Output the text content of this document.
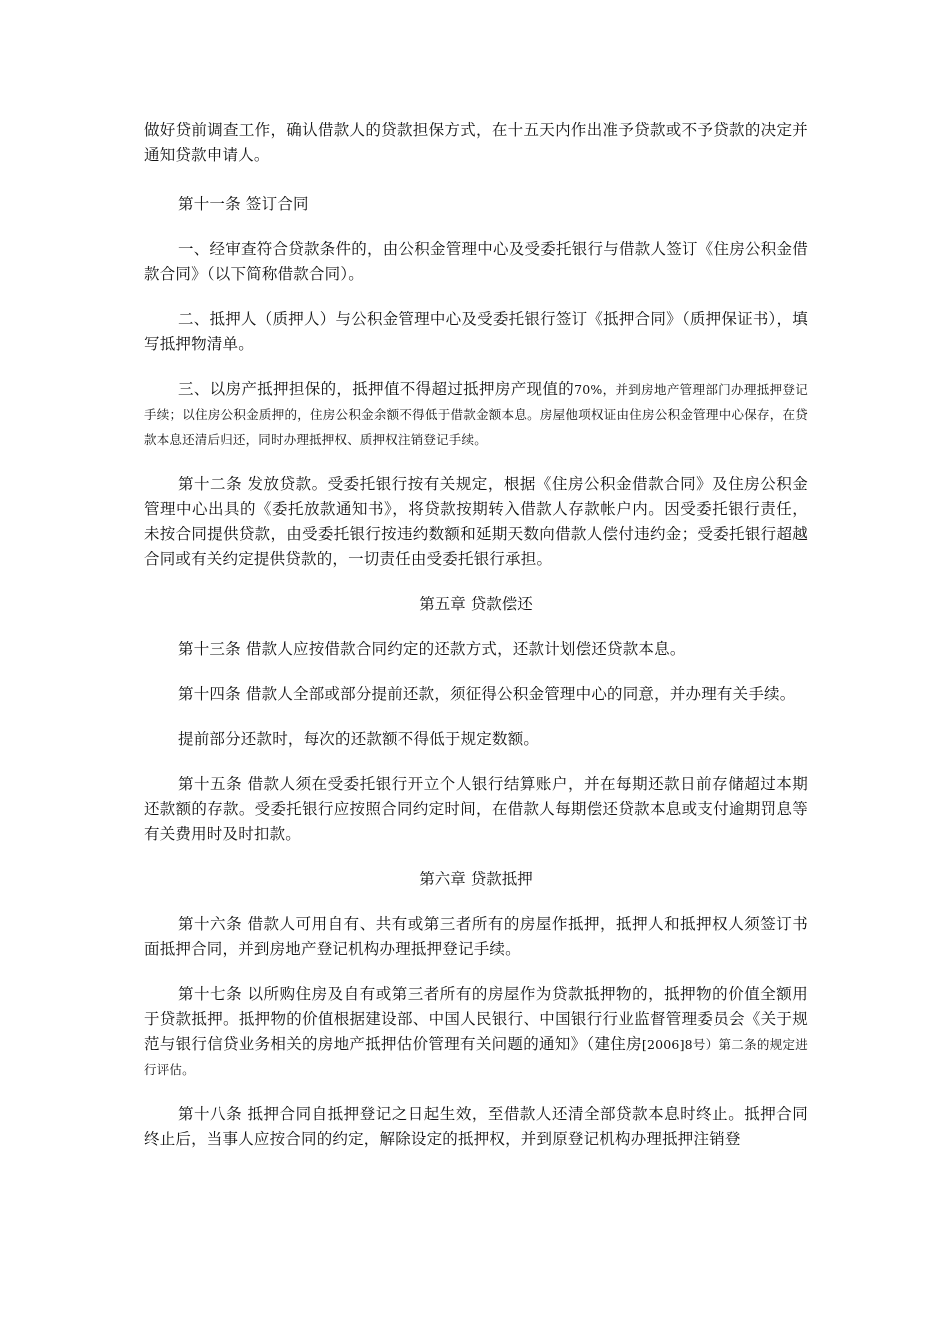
做好贷前调查工作，确认借款人的贷款担保方式，在十五天内作出准予贷款或不予贷款的决定并通知贷款申请人。

第十一条 签订合同

一、经审查符合贷款条件的，由公积金管理中心及受委托银行与借款人签订《住房公积金借款合同》（以下简称借款合同）。

二、抵押人（质押人）与公积金管理中心及受委托银行签订《抵押合同》（质押保证书），填写抵押物清单。

三、以房产抵押担保的，抵押值不得超过抵押房产现值的70%，并到房地产管理部门办理抵押登记手续；以住房公积金质押的，住房公积金余额不得低于借款金额本息。房屋他项权证由住房公积金管理中心保存，在贷款本息还清后归还，同时办理抵押权、质押权注销登记手续。

第十二条 发放贷款。受委托银行按有关规定，根据《住房公积金借款合同》及住房公积金管理中心出具的《委托放款通知书》，将贷款按期转入借款人存款帐户内。因受委托银行责任，未按合同提供贷款，由受委托银行按违约数额和延期天数向借款人偿付违约金；受委托银行超越合同或有关约定提供贷款的，一切责任由受委托银行承担。

第五章 贷款偿还

第十三条 借款人应按借款合同约定的还款方式，还款计划偿还贷款本息。

第十四条 借款人全部或部分提前还款，须征得公积金管理中心的同意，并办理有关手续。

提前部分还款时，每次的还款额不得低于规定数额。

第十五条 借款人须在受委托银行开立个人银行结算账户，并在每期还款日前存储超过本期还款额的存款。受委托银行应按照合同约定时间，在借款人每期偿还贷款本息或支付逾期罚息等有关费用时及时扣款。

第六章 贷款抵押

第十六条 借款人可用自有、共有或第三者所有的房屋作抵押，抵押人和抵押权人须签订书面抵押合同，并到房地产登记机构办理抵押登记手续。

第十七条 以所购住房及自有或第三者所有的房屋作为贷款抵押物的，抵押物的价值全额用于贷款抵押。抵押物的价值根据建设部、中国人民银行、中国银行行业监督管理委员会《关于规范与银行信贷业务相关的房地产抵押估价管理有关问题的通知》（建住房[2006]8号）第二条的规定进行评估。

第十八条 抵押合同自抵押登记之日起生效，至借款人还清全部贷款本息时终止。抵押合同终止后，当事人应按合同的约定，解除设定的抵押权，并到原登记机构办理抵押注销登
